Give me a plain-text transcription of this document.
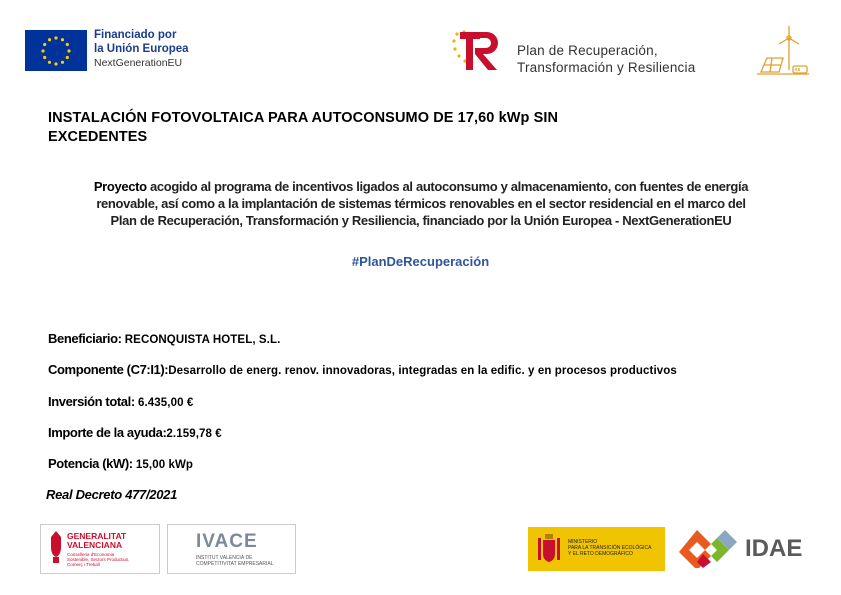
Financiado por
la Unión Europea
NextGenerationEU
Plan de Recuperación,
Transformación y Resiliencia
INSTALACIÓN FOTOVOLTAICA PARA AUTOCONSUMO DE 17,60 kWp SIN
EXCEDENTES
Proyecto acogido al programa de incentivos ligados al autoconsumo y almacenamiento, con fuentes de energía
renovable, así como a la implantación de sistemas térmicos renovables en el sector residencial en el marco del
Plan de Recuperación, Transformación y Resiliencia, financiado por la Unión Europea - NextGenerationEU
#PlanDeRecuperación
Beneficiario: RECONQUISTA HOTEL, S.L.
Componente (C7:I1):Desarrollo de energ. renov. innovadoras, integradas en la edific. y en procesos productivos
Inversión total: 6.435,00 €
Importe de la ayuda:2.159,78 €
Potencia (kW): 15,00 kWp
Real Decreto 477/2021
GENERALITAT
VALENCIANA
Conselleria d'Economia
Sostenible, Sectors Productius,
Comerç i Treball
IVACE
INSTITUT VALENCIÀ DE
COMPETITIVITAT EMPRESARIAL
MINISTERIO
PARA LA TRANSICIÓN ECOLÓGICA
Y EL RETO DEMOGRÁFICO	IDAE
